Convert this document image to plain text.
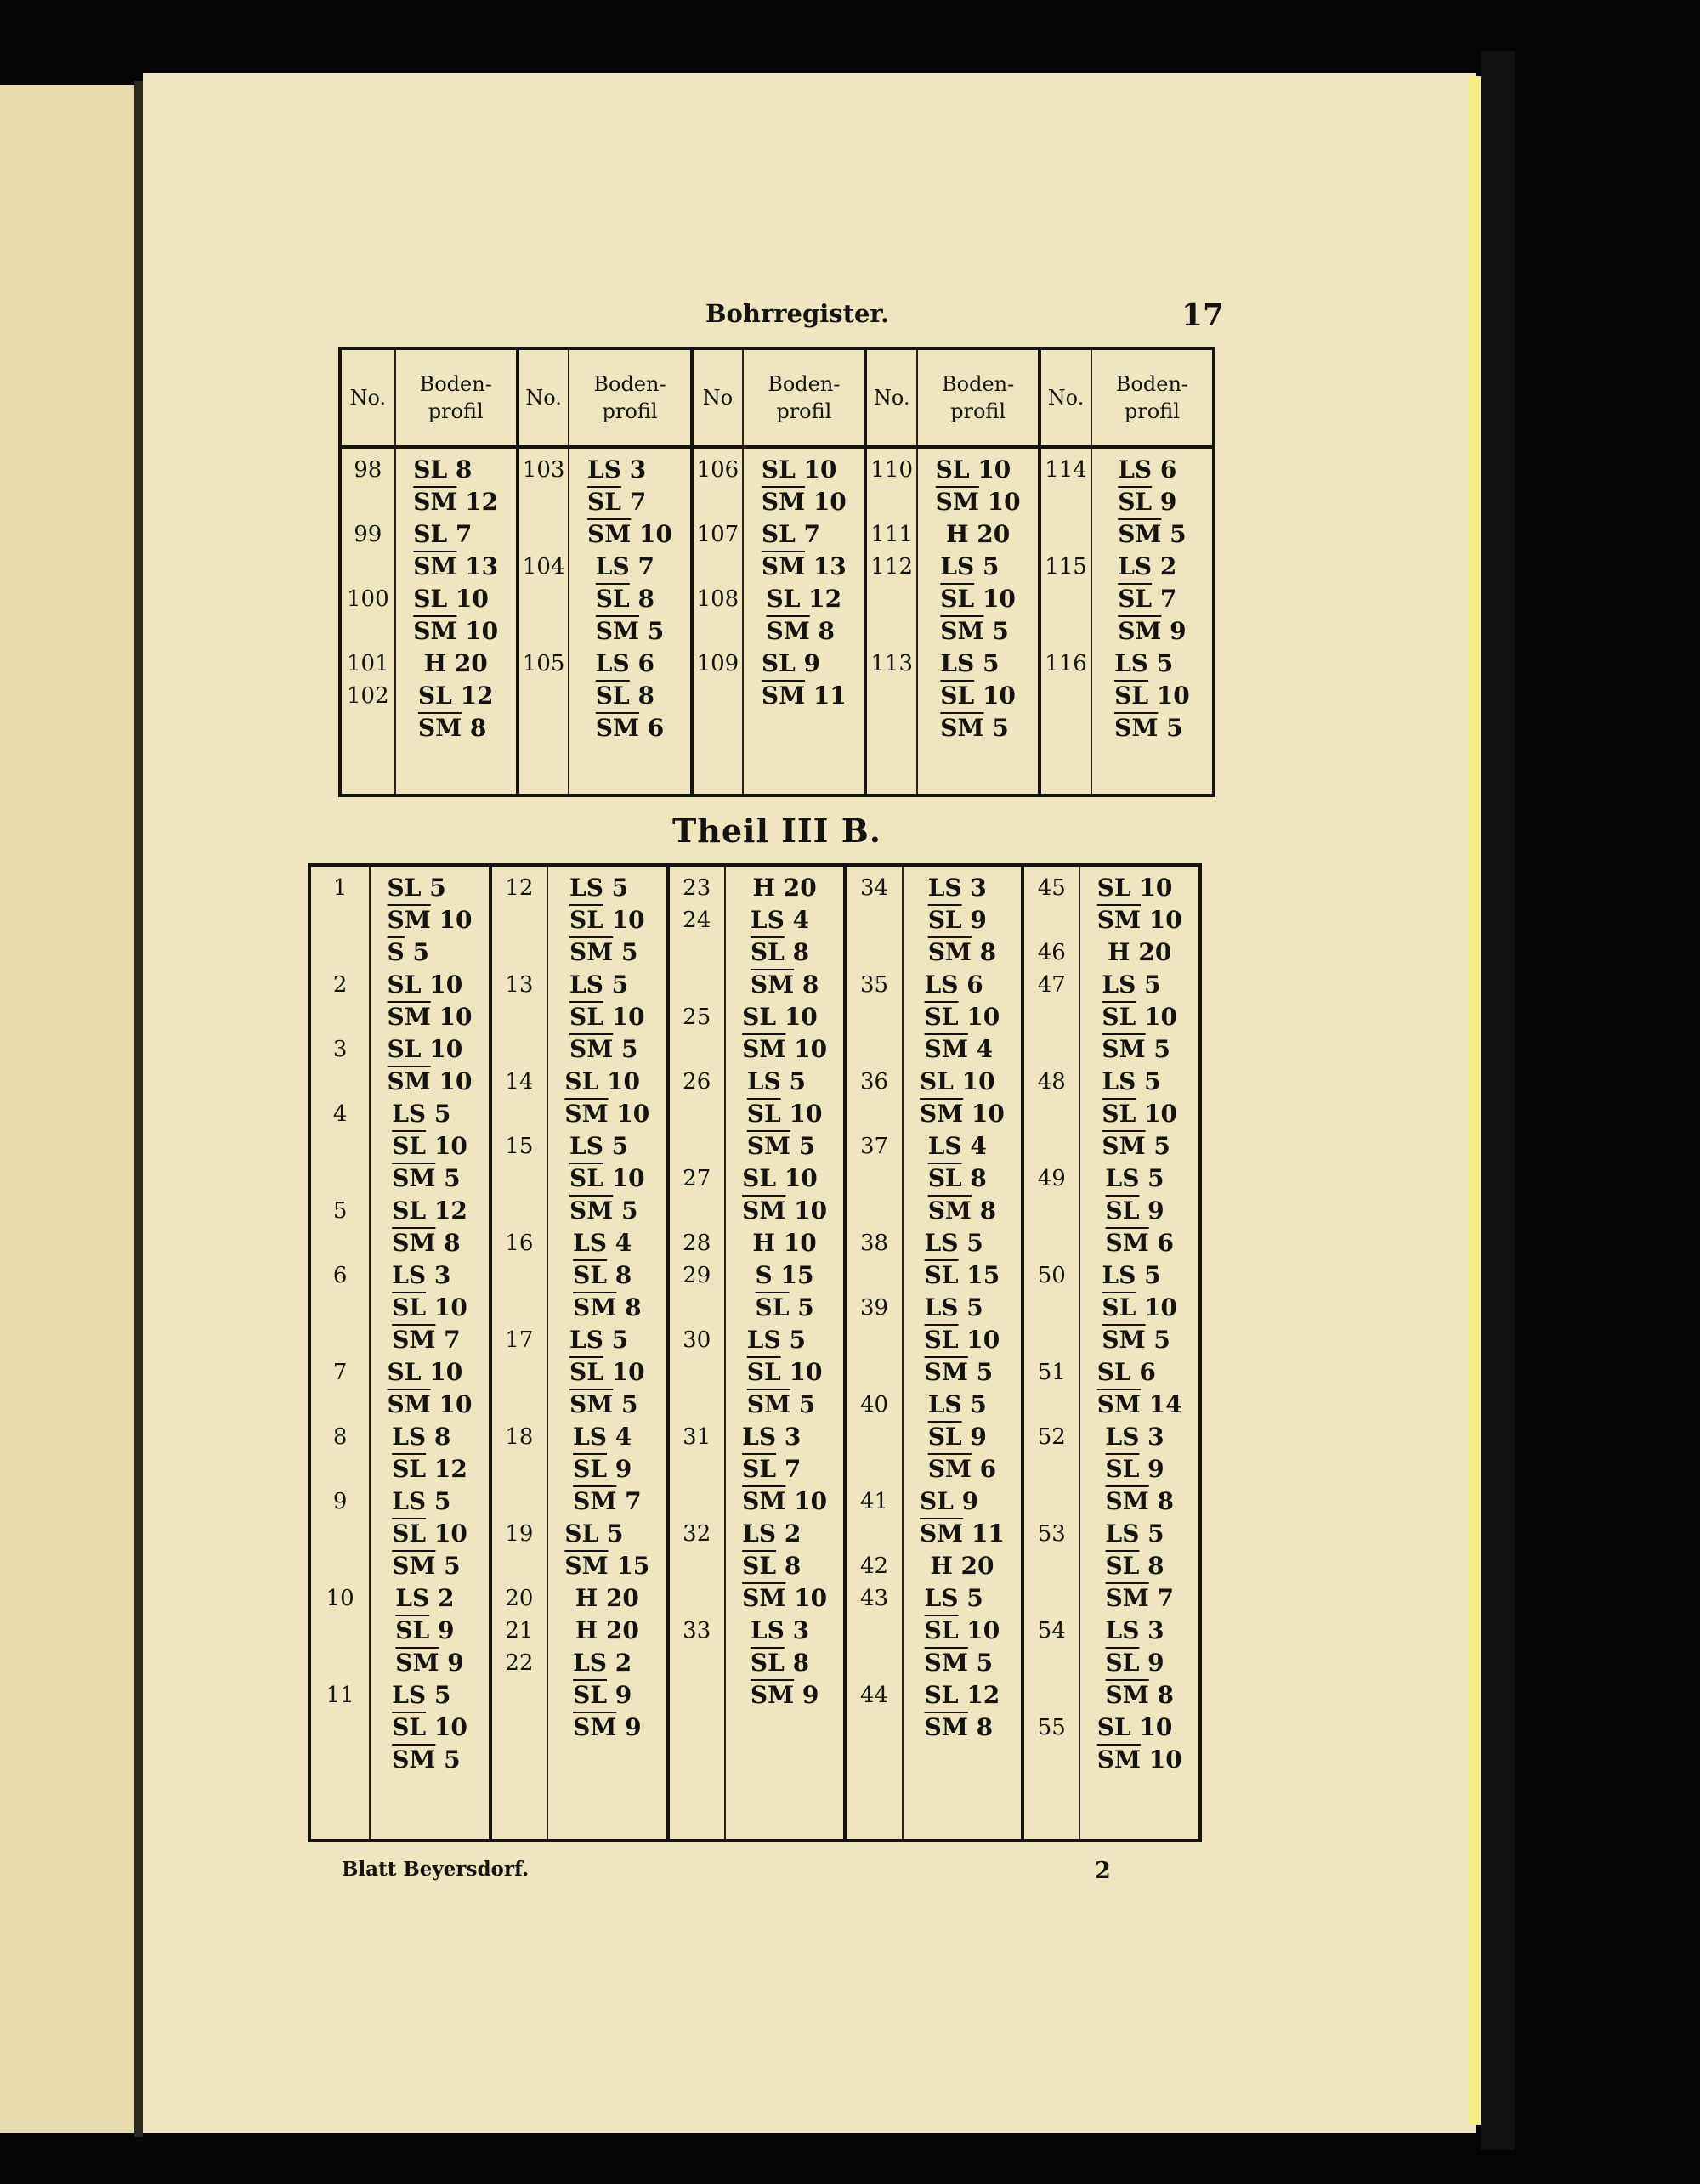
Bohrregister.	17
No.
Boden-
profil
No.
Boden-
profil
No
Boden-
profil
No.
Boden-
profil
No.
Boden-
profil
98
99
100
101
102
SL 8
$\overline{SM}$ 12
SL 7
$\overline{SM}$ 13
SL 10
$\overline{SM}$ 10
H 20
SL 12
$\overline{SM}$ 8
103
104
105
LS 3
$\overline{SL}$ 7
$\overline{SM}$ 10
LS 7
$\overline{SL}$ 8
$\overline{SM}$ 5
LS 6
$\overline{SL}$ 8
$\overline{SM}$ 6
106
107
108
109
SL 10
$\overline{SM}$ 10
SL 7
$\overline{SM}$ 13
SL 12
$\overline{SM}$ 8
SL 9
$\overline{SM}$ 11
110
111
112
113
SL 10
$\overline{SM}$ 10
H 20
LS 5
$\overline{SL}$ 10
$\overline{SM}$ 5
LS 5
$\overline{SL}$ 10
$\overline{SM}$ 5
114
115
116
LS 6
$\overline{SL}$ 9
$\overline{SM}$ 5
LS 2
$\overline{SL}$ 7
$\overline{SM}$ 9
LS 5
$\overline{SL}$ 10
$\overline{SM}$ 5
Theil III B.
1
2
3
4
5
6
7
8
9
10
11
SL 5
$\overline{SM}$ 10
$\overline{S}$ 5
SL 10
$\overline{SM}$ 10
SL 10
$\overline{SM}$ 10
LS 5
$\overline{SL}$ 10
$\overline{SM}$ 5
SL 12
$\overline{SM}$ 8
LS 3
$\overline{SL}$ 10
$\overline{SM}$ 7
SL 10
$\overline{SM}$ 10
LS 8
$\overline{SL}$ 12
LS 5
$\overline{SL}$ 10
$\overline{SM}$ 5
LS 2
$\overline{SL}$ 9
$\overline{SM}$ 9
LS 5
$\overline{SL}$ 10
$\overline{SM}$ 5
12
13
14
15
16
17
18
19
20
21
22
LS 5
$\overline{SL}$ 10
$\overline{SM}$ 5
LS 5
$\overline{SL}$ 10
$\overline{SM}$ 5
SL 10
$\overline{SM}$ 10
LS 5
$\overline{SL}$ 10
$\overline{SM}$ 5
LS 4
$\overline{SL}$ 8
$\overline{SM}$ 8
LS 5
$\overline{SL}$ 10
$\overline{SM}$ 5
LS 4
$\overline{SL}$ 9
$\overline{SM}$ 7
SL 5
$\overline{SM}$ 15
H 20
H 20
LS 2
$\overline{SL}$ 9
$\overline{SM}$ 9
23
24
25
26
27
28
29
30
31
32
33
H 20
LS 4
$\overline{SL}$ 8
$\overline{SM}$ 8
SL 10
$\overline{SM}$ 10
LS 5
$\overline{SL}$ 10
$\overline{SM}$ 5
SL 10
$\overline{SM}$ 10
H 10
S 15
$\overline{SL}$ 5
LS 5
$\overline{SL}$ 10
$\overline{SM}$ 5
LS 3
$\overline{SL}$ 7
$\overline{SM}$ 10
LS 2
$\overline{SL}$ 8
$\overline{SM}$ 10
LS 3
$\overline{SL}$ 8
$\overline{SM}$ 9
34
35
36
37
38
39
40
41
42
43
44
LS 3
$\overline{SL}$ 9
$\overline{SM}$ 8
LS 6
$\overline{SL}$ 10
$\overline{SM}$ 4
SL 10
$\overline{SM}$ 10
LS 4
$\overline{SL}$ 8
$\overline{SM}$ 8
LS 5
$\overline{SL}$ 15
LS 5
$\overline{SL}$ 10
$\overline{SM}$ 5
LS 5
$\overline{SL}$ 9
$\overline{SM}$ 6
SL 9
$\overline{SM}$ 11
H 20
LS 5
$\overline{SL}$ 10
$\overline{SM}$ 5
SL 12
$\overline{SM}$ 8
45
46
47
48
49
50
51
52
53
54
55
SL 10
$\overline{SM}$ 10
H 20
LS 5
$\overline{SL}$ 10
$\overline{SM}$ 5
LS 5
$\overline{SL}$ 10
$\overline{SM}$ 5
LS 5
$\overline{SL}$ 9
$\overline{SM}$ 6
LS 5
$\overline{SL}$ 10
$\overline{SM}$ 5
SL 6
$\overline{SM}$ 14
LS 3
$\overline{SL}$ 9
$\overline{SM}$ 8
LS 5
$\overline{SL}$ 8
$\overline{SM}$ 7
LS 3
$\overline{SL}$ 9
$\overline{SM}$ 8
SL 10
$\overline{SM}$ 10
Blatt Beyersdorf.	2
